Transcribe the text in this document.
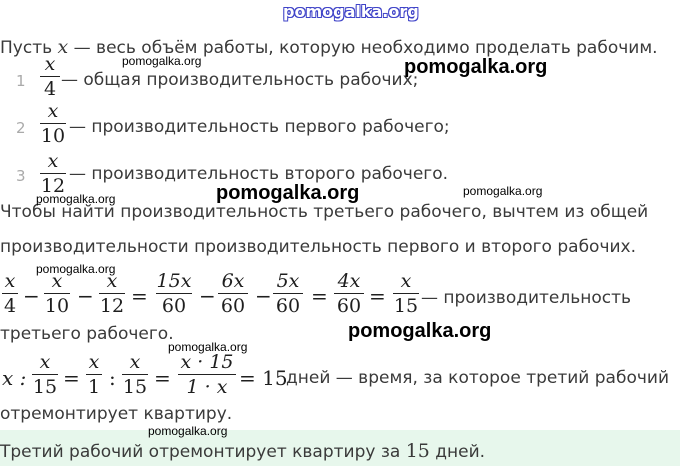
pomogalka.org
Пусть x — весь объём работы, которую необходимо проделать рабочим.
1
x
4 — общая производительность рабочих;
2
x
10 — производительность первого рабочего;
3
x
12
— производительность второго рабочего.
Чтобы найти производительность третьего рабочего, вычтем из общей
производительности производительность первого и второго рабочих.
x
4 −
x
10 −
x
12 =
15x
60 −
6x
60 −
5x
60 =
4x
60 =
x
15 — производительность
третьего рабочего.
x :
x
15 =
x
1 :
x
15 =
x · 15
1 · x = 15
дней — время, за которое третий рабочий
отремонтирует квартиру.
Третий рабочий отремонтирует квартиру за 15 дней.
pomogalka.org	pomogalka.org
pomogalka.org	pomogalka.org	pomogalka.org
pomogalka.org
pomogalka.org
pomogalka.org
pomogalka.org
